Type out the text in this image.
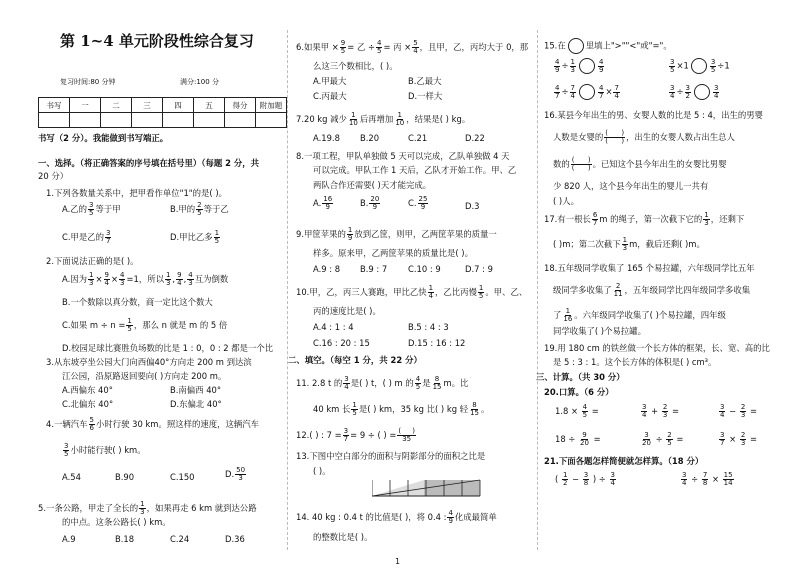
第 1~4 单元阶段性综合复习
复习时间:80 分钟	满分:100 分
书写	一	二	三	四	五	得分	附加题

书写（2 分）。我能做到书写端正。
一、选择。（将正确答案的序号填在括号里）（每题 2 分，共
20 分）
1.下列各数量关系中，把甲看作单位"1"的是( )。
A.乙的 $\frac{3}{5}$ 等于甲	B.甲的 $\frac{2}{5}$ 等于乙
C.甲是乙的 $\frac{3}{7}$	D.甲比乙多 $\frac{1}{5}$
2.下面说法正确的是( )。
A.因为 $\frac{1}{3} \times \frac{9}{4} \times \frac{4}{3} =1$，所以 $\frac{1}{3}$ , $\frac{9}{4}$ , $\frac{4}{3}$ 互为倒数
B.一个数除以真分数，商一定比这个数大
C.如果 $m \div n = \frac{1}{5}$ ，那么 n 就是 m 的 5 倍
D.校园足球比赛胜负场数的比是 1 : 0，0 : 2 都是一个比
3.从东坡亭坐公园大门向西偏40°方向走 200 m 到达滨
江公园，沿原路返回要向( )方向走 200 m。
A.西偏东 40°	B.南偏西 40°
C.北偏东 40°	D.东偏北 40°
4.一辆汽车 $\frac{5}{6}$ 小时行驶 30 km。照这样的速度，这辆汽车
$\frac{3}{5}$ 小时能行驶( ) km。
A.54	B.90	C.150	D. $\frac{50}{3}$
5.一条公路，甲走了全长的 $\frac{1}{3}$ ，如果再走 6 km 就到达公路
的中点。这条公路长( ) km。
A.9	B.18	C.24	D.36
6.如果甲 × $\frac{9}{5}$ = 乙 ÷ $\frac{4}{5}$ = 丙 × $\frac{5}{4}$ ，且甲，乙，丙均大于 0，那
么这三个数相比，( )。
A.甲最大	B.乙最大
C.丙最大	D.一样大
7.20 kg 减少 $\frac{1}{10}$ 后再增加 $\frac{1}{10}$ ，结果是( ) kg。
A.19.8 B.20	C.21	D.22
8.一项工程，甲队单独做 5 天可以完成，乙队单独做 4 天
可以完成。甲队工作 1 天后，乙队才开始工作。甲、乙
两队合作还需要( )天才能完成。
A. $\frac{16}{9}$	B. $\frac{20}{9}$	C. $\frac{25}{9}$	D.3
9.甲筐苹果的 $\frac{1}{9}$ 放到乙筐，则甲，乙两筐苹果的质量一
样多。原来甲，乙两筐苹果的质量比是( )。
A.9 : 8 B.9 : 7 C.10 : 9	D.7 : 9
10.甲，乙，丙三人赛跑，甲比乙快 $\frac{1}{4}$ ，乙比丙慢 $\frac{1}{5}$ 。甲、乙、
丙的速度比是( )。
A.4 : 1 : 4	B.5 : 4 : 3
C.16 : 20 : 15	D.15 : 16 : 12
二、填空。（每空 1 分，共 22 分）
11. 2.8 t 的 $\frac{3}{4}$ 是( ) t，( ) m 的 $\frac{4}{5}$ 是 $\frac{8}{15}$ m。比
40 km 长 $\frac{1}{5}$ 是( ) km，35 kg 比( ) kg 轻 $\frac{8}{15}$ 。
12.( ) : $7 = \frac{3}{7} = 9$ ÷ ( ) = $\frac{( )}{35}$
13.下图中空白部分的面积与阴影部分的面积之比是
( )。
14. 40 kg : 0.4 t 的比值是( )，将 0.4 : $\frac{4}{9}$ 化成最简单
的整数比是( )。
15.在 里填上">""<"或"="。
$\frac{4}{9} \div \frac{1}{3}$	$\frac{4}{9}$	$\frac{3}{5} \times 1$	$\frac{3}{5} \div 1$
$\frac{4}{7} \div \frac{7}{4}$	$\frac{4}{7} \times \frac{7}{4}$	$\frac{3}{4} \div \frac{3}{2}$	$\frac{3}{4}$
16.某县今年出生的男、女婴人数的比是 5 : 4，出生的男婴
人数是女婴的 $\frac{( )}{( )}$ ，出生的女婴人数占出生总人
数的 $\frac{( )}{( )}$ 。已知这个县今年出生的女婴比男婴
少 820 人，这个县今年出生的婴儿一共有
( )人。
17.有一根长 $\frac{6}{7}$ m 的绳子，第一次截下它的 $\frac{1}{3}$ ，还剩下
( )m；第二次截下 $\frac{1}{3}$ m，截后还剩( )m。
18.五年级同学收集了 165 个易拉罐，六年级同学比五年
级同学多收集了 $\frac{2}{11}$ ，五年级同学比四年级同学多收集
了 $\frac{1}{16}$ 。六年级同学收集了( )个易拉罐，四年级
同学收集了( )个易拉罐。
19.用 180 cm 的铁丝做一个长方体的框架，长、宽、高的比
是 5 : 3 : 1。这个长方体的体积是( ) cm³。
三、计算。（共 30 分）
20.口算。（6 分）
$1.8 \times \frac{4}{5}$ =	$\frac{3}{4} + \frac{2}{3}$ =	$\frac{3}{4} - \frac{2}{3}$ =
$18 \div \frac{9}{20}$ =	$\frac{3}{20} \div \frac{2}{5}$ =	$\frac{3}{7} \times \frac{2}{3}$ =
21.下面各题怎样简便就怎样算。（18 分）
( $\frac{1}{2} - \frac{3}{8}$ ) ÷ $\frac{3}{4}$	$\frac{3}{4} \div \frac{7}{8} \times \frac{15}{14}$
1
